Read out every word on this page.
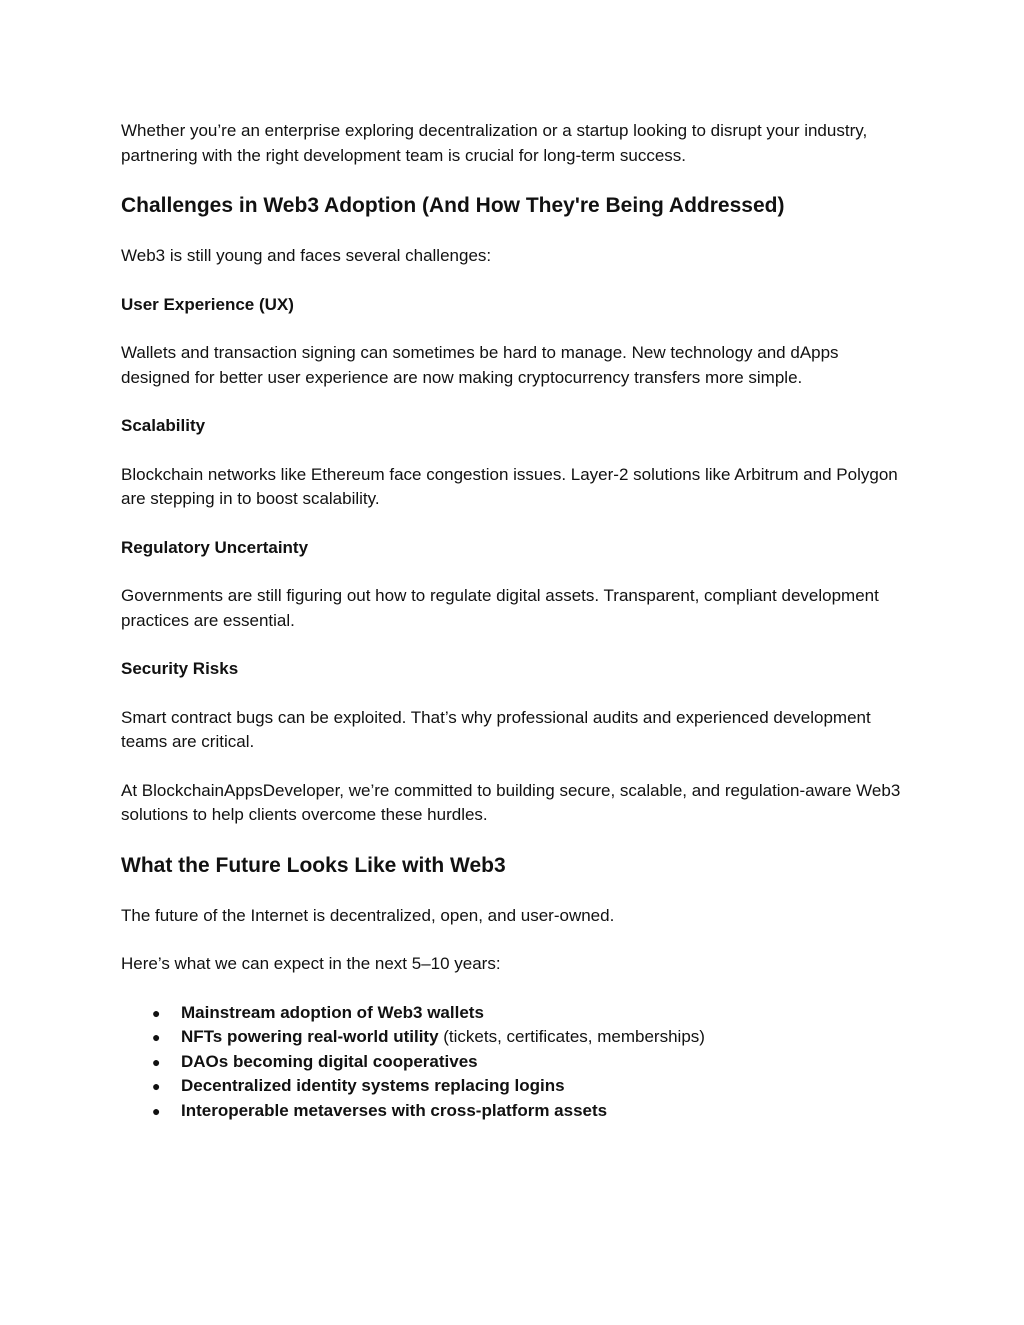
Whether you’re an enterprise exploring decentralization or a startup looking to disrupt your industry, partnering with the right development team is crucial for long-term success.

Challenges in Web3 Adoption (And How They're Being Addressed)

Web3 is still young and faces several challenges:

User Experience (UX)

Wallets and transaction signing can sometimes be hard to manage. New technology and dApps designed for better user experience are now making cryptocurrency transfers more simple.

Scalability

Blockchain networks like Ethereum face congestion issues. Layer-2 solutions like Arbitrum and Polygon are stepping in to boost scalability.

Regulatory Uncertainty

Governments are still figuring out how to regulate digital assets. Transparent, compliant development practices are essential.

Security Risks

Smart contract bugs can be exploited. That’s why professional audits and experienced development teams are critical.

At BlockchainAppsDeveloper, we’re committed to building secure, scalable, and regulation-aware Web3 solutions to help clients overcome these hurdles.

What the Future Looks Like with Web3

The future of the Internet is decentralized, open, and user-owned.

Here’s what we can expect in the next 5–10 years:

● Mainstream adoption of Web3 wallets
● NFTs powering real-world utility (tickets, certificates, memberships)
● DAOs becoming digital cooperatives
● Decentralized identity systems replacing logins
● Interoperable metaverses with cross-platform assets
